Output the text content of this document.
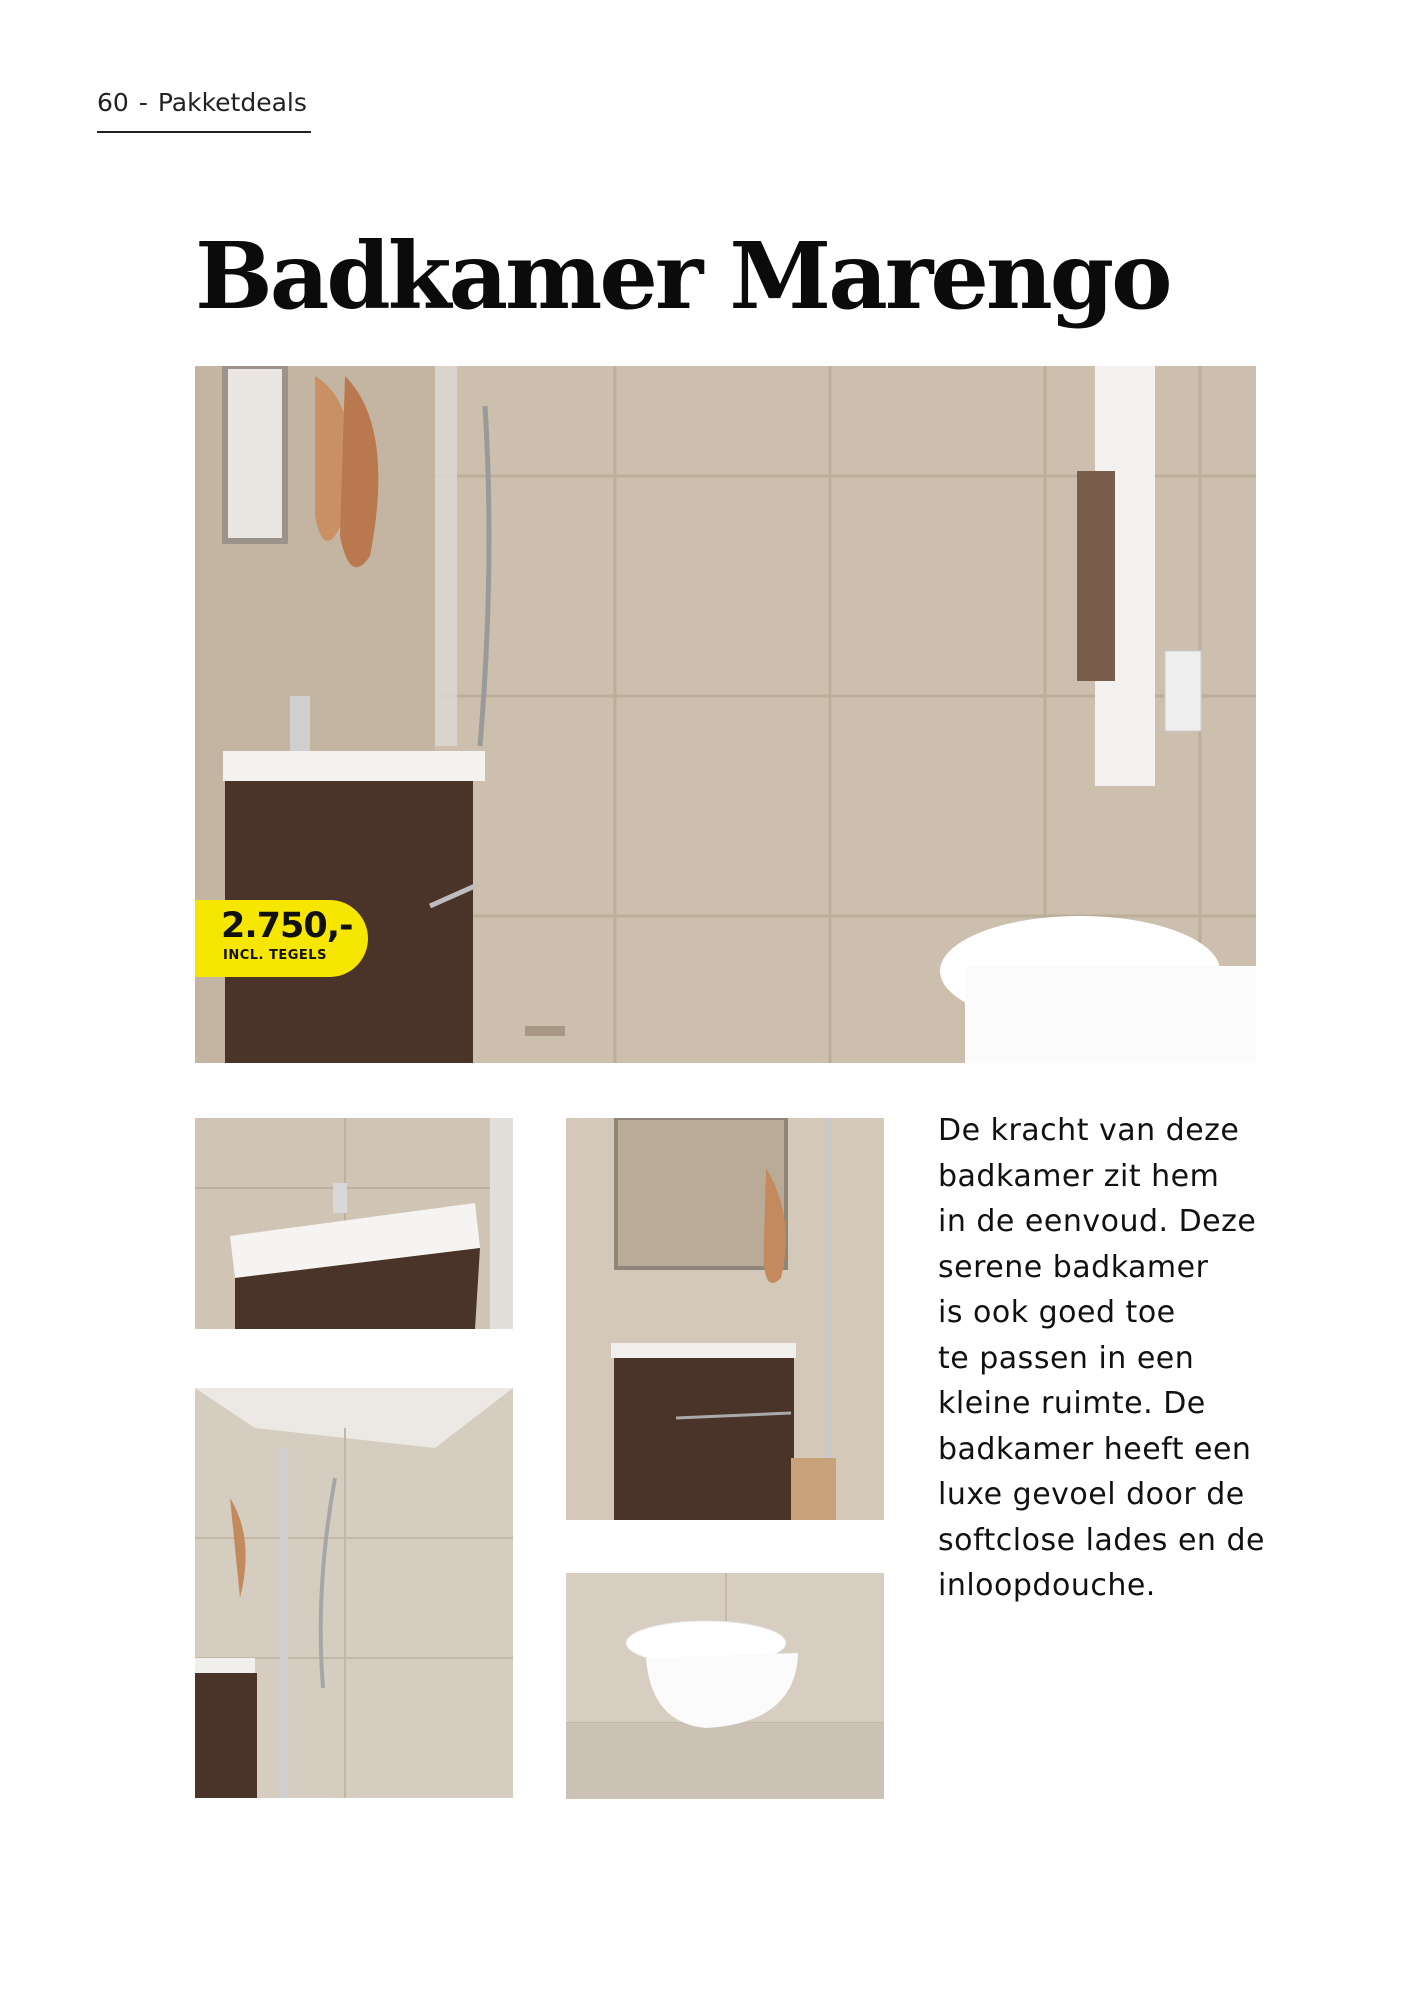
60 - Pakketdeals
Badkamer Marengo
2.750,-
INCL. TEGELS

De kracht van deze
badkamer zit hem
in de eenvoud. Deze
serene badkamer
is ook goed toe
te passen in een
kleine ruimte. De
badkamer heeft een
luxe gevoel door de
softclose lades en de
inloopdouche.
